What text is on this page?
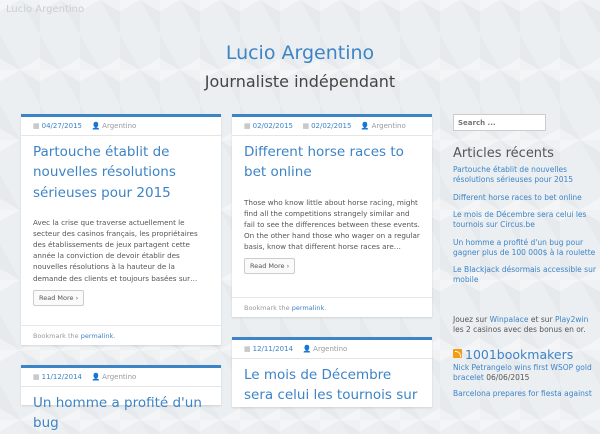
Lucio Argentino
Lucio Argentino
Journaliste indépendant
▦ 04/27/2015 👤 Argentino
Partouche établit de nouvelles résolutions sérieuses pour 2015
Avec la crise que traverse actuellement le secteur des casinos français, les propriétaires des établissements de jeux partagent cette année la conviction de devoir établir des nouvelles résolutions à la hauteur de la demande des clients et toujours basées sur…
Read More ›
Bookmark the permalink.
▦ 02/02/2015 ▦ 02/02/2015 👤 Argentino
Different horse races to bet online
Those who know little about horse racing, might find all the competitions strangely similar and fail to see the differences between these events. On the other hand those who wager on a regular basis, know that different horse races are…
Read More ›
Bookmark the permalink.
▦ 12/11/2014 👤 Argentino
Le mois de Décembre sera celui les tournois sur
▦ 11/12/2014 👤 Argentino
Un homme a profité d'un bug
Search ...
Articles récents
Partouche établit de nouvelles résolutions sérieuses pour 2015
Different horse races to bet online
Le mois de Décembre sera celui les tournois sur Circus.be
Un homme a profité d'un bug pour gagner plus de 100 000$ à la roulette
Le Blackjack désormais accessible sur mobile
Jouez sur Winpalace et sur Play2win les 2 casinos avec des bonus en or.
1001bookmakers
Nick Petrangelo wins first WSOP gold bracelet 06/06/2015
Barcelona prepares for fiesta against
